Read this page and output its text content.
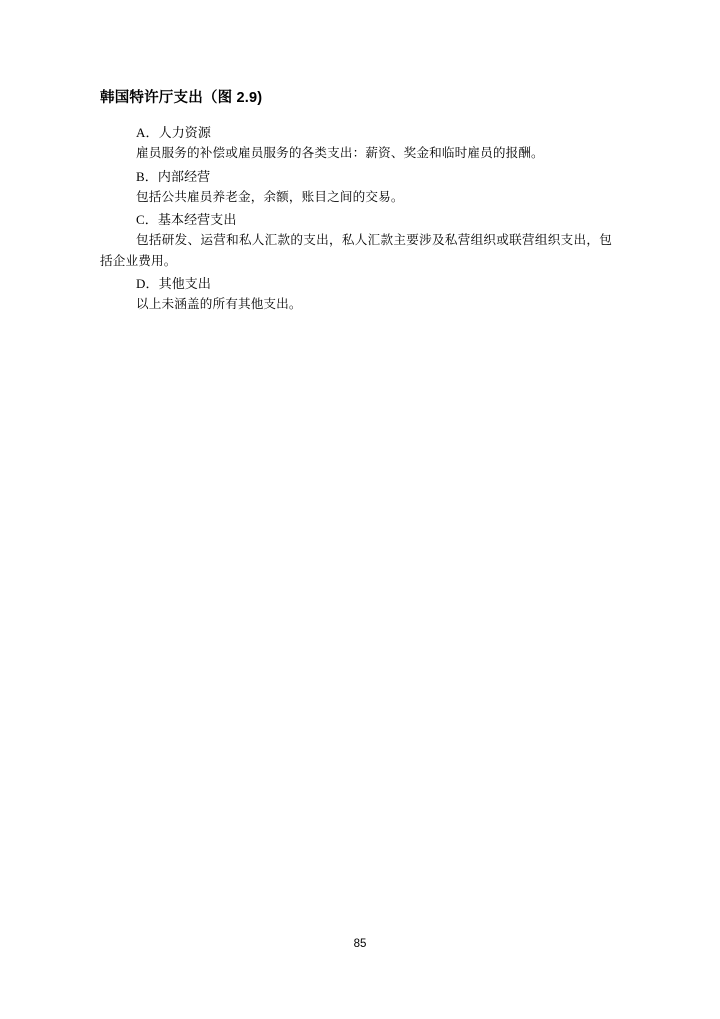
韩国特许厅支出（图 2.9)

A．人力资源

雇员服务的补偿或雇员服务的各类支出：薪资、奖金和临时雇员的报酬。

B．内部经营

包括公共雇员养老金，余额，账目之间的交易。

C．基本经营支出

包括研发、运营和私人汇款的支出，私人汇款主要涉及私营组织或联营组织支出，包括企业费用。

D．其他支出

以上未涵盖的所有其他支出。

85
